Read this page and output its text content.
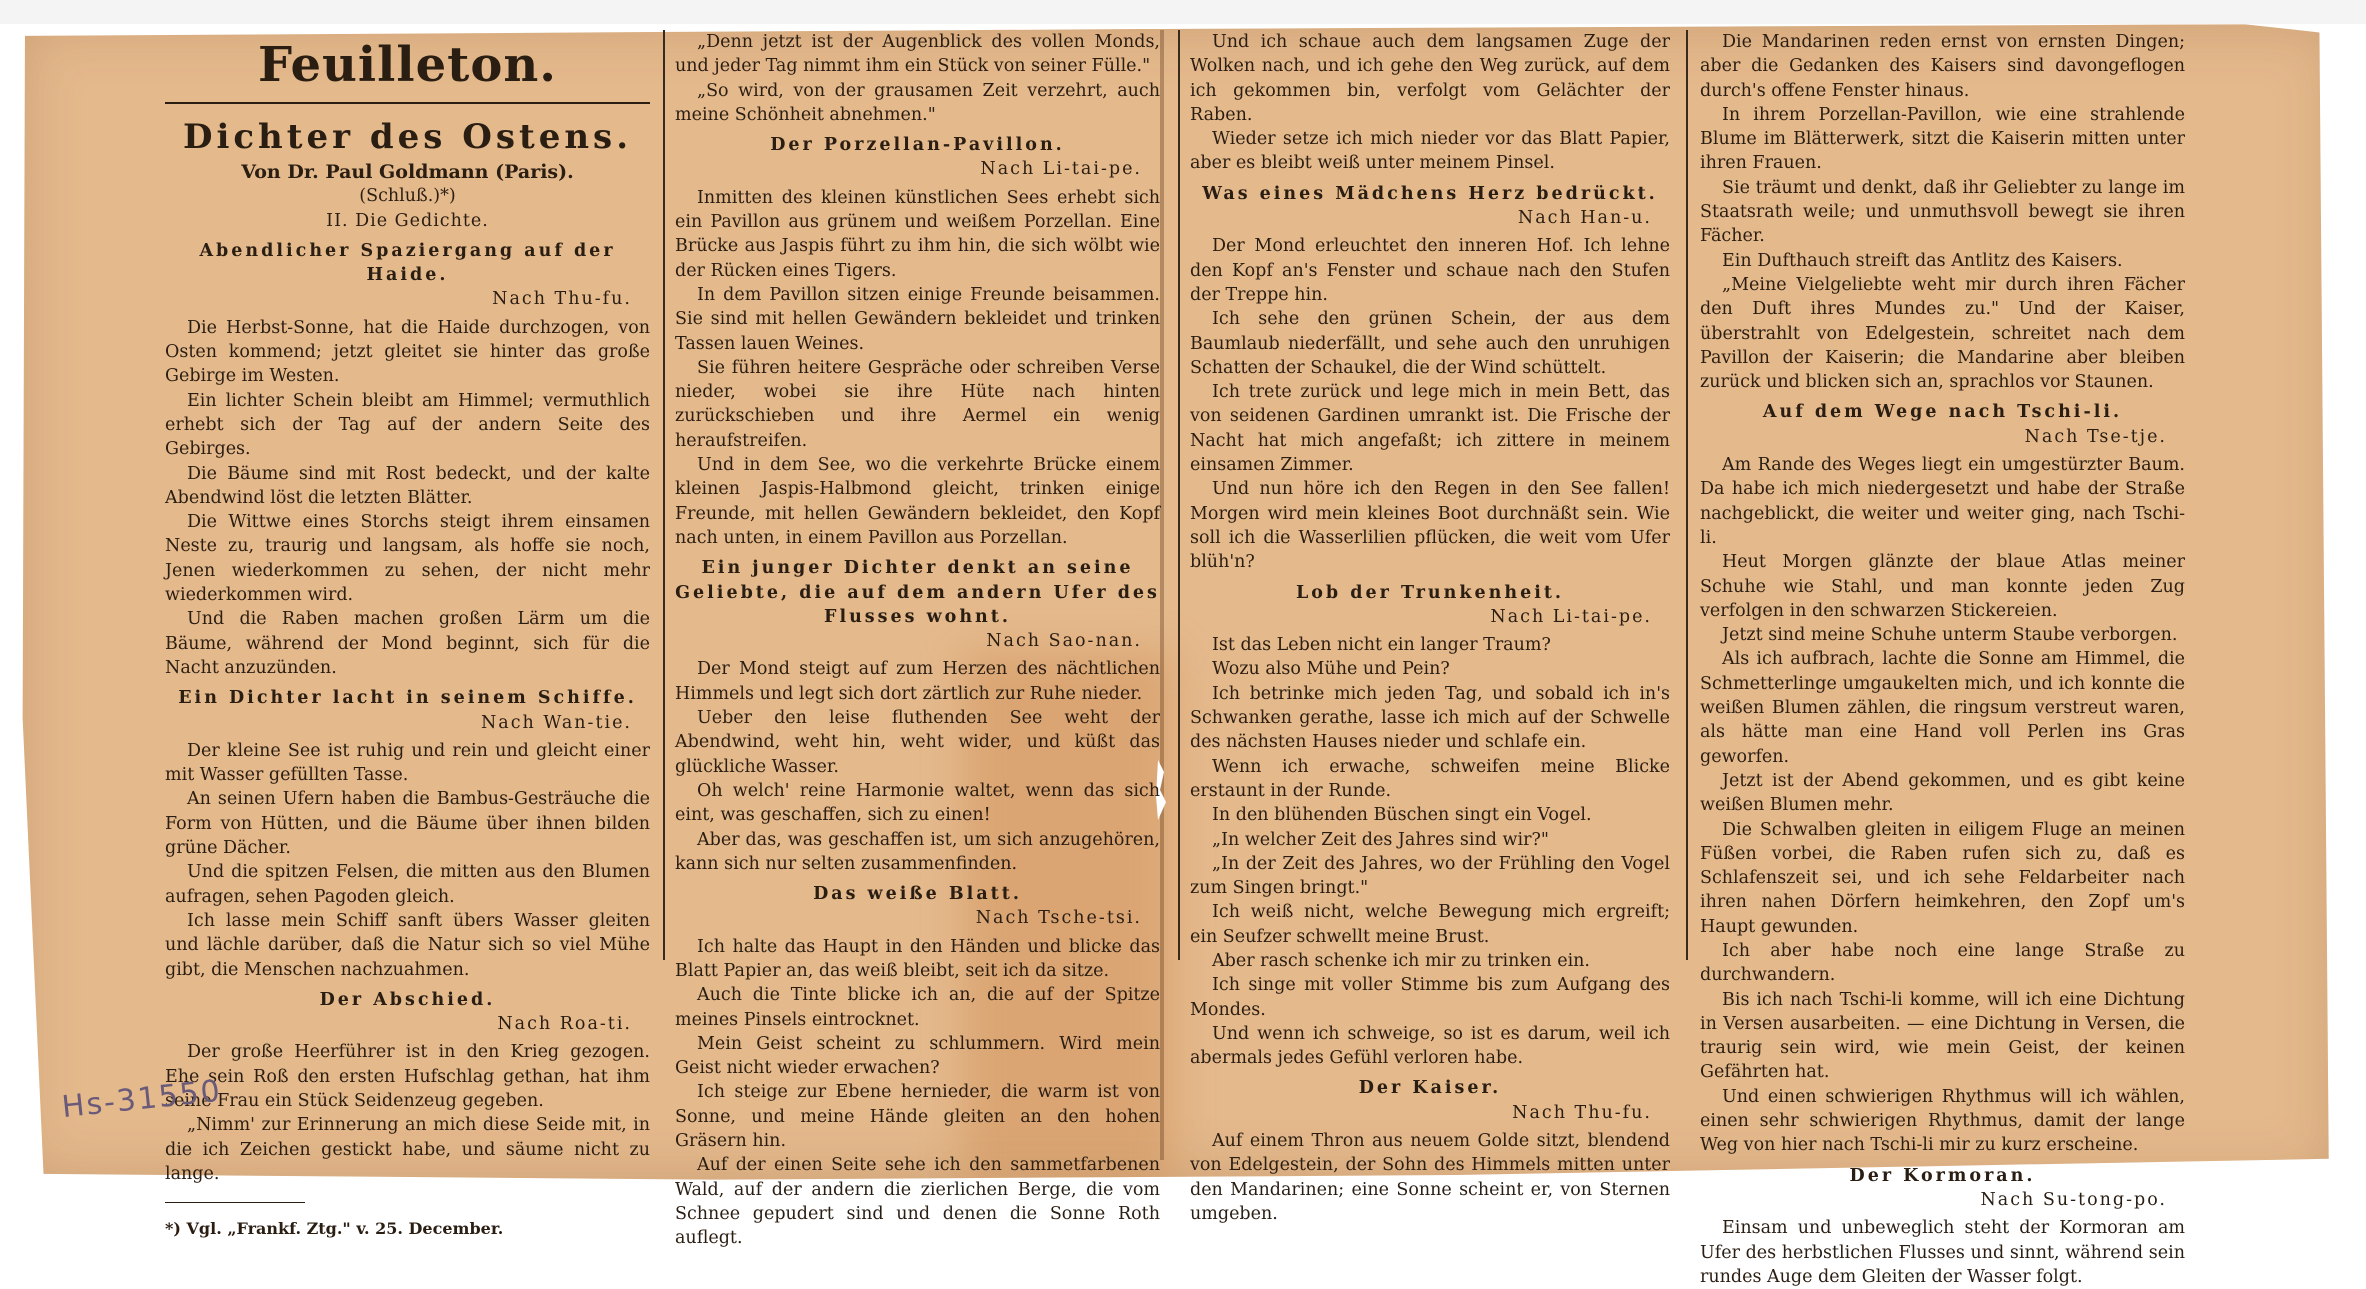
Feuilleton.
Dichter des Ostens.
Von Dr. Paul Goldmann (Paris).
(Schluß.)*)
II. Die Gedichte.
Abendlicher Spaziergang auf der Haide.
Nach Thu-fu.

Die Herbst-Sonne, hat die Haide durchzogen, von Osten kommend; jetzt gleitet sie hinter das große Gebirge im Westen.

Ein lichter Schein bleibt am Himmel; vermuthlich erhebt sich der Tag auf der andern Seite des Gebirges.

Die Bäume sind mit Rost bedeckt, und der kalte Abendwind löst die letzten Blätter.

Die Wittwe eines Storchs steigt ihrem einsamen Neste zu, traurig und langsam, als hoffe sie noch, Jenen wiederkommen zu sehen, der nicht mehr wiederkommen wird.

Und die Raben machen großen Lärm um die Bäume, während der Mond beginnt, sich für die Nacht anzuzünden.

Ein Dichter lacht in seinem Schiffe.
Nach Wan-tie.

Der kleine See ist ruhig und rein und gleicht einer mit Wasser gefüllten Tasse.

An seinen Ufern haben die Bambus-Gesträuche die Form von Hütten, und die Bäume über ihnen bilden grüne Dächer.

Und die spitzen Felsen, die mitten aus den Blumen aufragen, sehen Pagoden gleich.

Ich lasse mein Schiff sanft übers Wasser gleiten und lächle darüber, daß die Natur sich so viel Mühe gibt, die Menschen nachzuahmen.

Der Abschied.
Nach Roa-ti.

Der große Heerführer ist in den Krieg gezogen. Ehe sein Roß den ersten Hufschlag gethan, hat ihm seine Frau ein Stück Seidenzeug gegeben.

„Nimm' zur Erinnerung an mich diese Seide mit, in die ich Zeichen gestickt habe, und säume nicht zu lange.

*) Vgl. „Frankf. Ztg." v. 25. December.

„Denn jetzt ist der Augenblick des vollen Monds, und jeder Tag nimmt ihm ein Stück von seiner Fülle."

„So wird, von der grausamen Zeit verzehrt, auch meine Schönheit abnehmen."

Der Porzellan-Pavillon.
Nach Li-tai-pe.

Inmitten des kleinen künstlichen Sees erhebt sich ein Pavillon aus grünem und weißem Porzellan. Eine Brücke aus Jaspis führt zu ihm hin, die sich wölbt wie der Rücken eines Tigers.

In dem Pavillon sitzen einige Freunde beisammen. Sie sind mit hellen Gewändern bekleidet und trinken Tassen lauen Weines.

Sie führen heitere Gespräche oder schreiben Verse nieder, wobei sie ihre Hüte nach hinten zurückschieben und ihre Aermel ein wenig heraufstreifen.

Und in dem See, wo die verkehrte Brücke einem kleinen Jaspis-Halbmond gleicht, trinken einige Freunde, mit hellen Gewändern bekleidet, den Kopf nach unten, in einem Pavillon aus Porzellan.

Ein junger Dichter denkt an seine Geliebte, die auf dem andern Ufer des Flusses wohnt.
Nach Sao-nan.

Der Mond steigt auf zum Herzen des nächtlichen Himmels und legt sich dort zärtlich zur Ruhe nieder.

Ueber den leise fluthenden See weht der Abendwind, weht hin, weht wider, und küßt das glückliche Wasser.

Oh welch' reine Harmonie waltet, wenn das sich eint, was geschaffen, sich zu einen!

Aber das, was geschaffen ist, um sich anzugehören, kann sich nur selten zusammenfinden.

Das weiße Blatt.
Nach Tsche-tsi.

Ich halte das Haupt in den Händen und blicke das Blatt Papier an, das weiß bleibt, seit ich da sitze.

Auch die Tinte blicke ich an, die auf der Spitze meines Pinsels eintrocknet.

Mein Geist scheint zu schlummern. Wird mein Geist nicht wieder erwachen?

Ich steige zur Ebene hernieder, die warm ist von Sonne, und meine Hände gleiten an den hohen Gräsern hin.

Auf der einen Seite sehe ich den sammetfarbenen Wald, auf der andern die zierlichen Berge, die vom Schnee gepudert sind und denen die Sonne Roth auflegt.

Und ich schaue auch dem langsamen Zuge der Wolken nach, und ich gehe den Weg zurück, auf dem ich gekommen bin, verfolgt vom Gelächter der Raben.

Wieder setze ich mich nieder vor das Blatt Papier, aber es bleibt weiß unter meinem Pinsel.

Was eines Mädchens Herz bedrückt.
Nach Han-u.

Der Mond erleuchtet den inneren Hof. Ich lehne den Kopf an's Fenster und schaue nach den Stufen der Treppe hin.

Ich sehe den grünen Schein, der aus dem Baumlaub niederfällt, und sehe auch den unruhigen Schatten der Schaukel, die der Wind schüttelt.

Ich trete zurück und lege mich in mein Bett, das von seidenen Gardinen umrankt ist. Die Frische der Nacht hat mich angefaßt; ich zittere in meinem einsamen Zimmer.

Und nun höre ich den Regen in den See fallen! Morgen wird mein kleines Boot durchnäßt sein. Wie soll ich die Wasserlilien pflücken, die weit vom Ufer blüh'n?

Lob der Trunkenheit.
Nach Li-tai-pe.

Ist das Leben nicht ein langer Traum?

Wozu also Mühe und Pein?

Ich betrinke mich jeden Tag, und sobald ich in's Schwanken gerathe, lasse ich mich auf der Schwelle des nächsten Hauses nieder und schlafe ein.

Wenn ich erwache, schweifen meine Blicke erstaunt in der Runde.

In den blühenden Büschen singt ein Vogel.

„In welcher Zeit des Jahres sind wir?"

„In der Zeit des Jahres, wo der Frühling den Vogel zum Singen bringt."

Ich weiß nicht, welche Bewegung mich ergreift; ein Seufzer schwellt meine Brust.

Aber rasch schenke ich mir zu trinken ein.

Ich singe mit voller Stimme bis zum Aufgang des Mondes.

Und wenn ich schweige, so ist es darum, weil ich abermals jedes Gefühl verloren habe.

Der Kaiser.
Nach Thu-fu.

Auf einem Thron aus neuem Golde sitzt, blendend von Edelgestein, der Sohn des Himmels mitten unter den Mandarinen; eine Sonne scheint er, von Sternen umgeben.

Die Mandarinen reden ernst von ernsten Dingen; aber die Gedanken des Kaisers sind davongeflogen durch's offene Fenster hinaus.

In ihrem Porzellan-Pavillon, wie eine strahlende Blume im Blätterwerk, sitzt die Kaiserin mitten unter ihren Frauen.

Sie träumt und denkt, daß ihr Geliebter zu lange im Staatsrath weile; und unmuthsvoll bewegt sie ihren Fächer.

Ein Dufthauch streift das Antlitz des Kaisers.

„Meine Vielgeliebte weht mir durch ihren Fächer den Duft ihres Mundes zu." Und der Kaiser, überstrahlt von Edelgestein, schreitet nach dem Pavillon der Kaiserin; die Mandarine aber bleiben zurück und blicken sich an, sprachlos vor Staunen.

Auf dem Wege nach Tschi-li.
Nach Tse-tje.

Am Rande des Weges liegt ein umgestürzter Baum. Da habe ich mich niedergesetzt und habe der Straße nachgeblickt, die weiter und weiter ging, nach Tschi-li.

Heut Morgen glänzte der blaue Atlas meiner Schuhe wie Stahl, und man konnte jeden Zug verfolgen in den schwarzen Stickereien.

Jetzt sind meine Schuhe unterm Staube verborgen.

Als ich aufbrach, lachte die Sonne am Himmel, die Schmetterlinge umgaukelten mich, und ich konnte die weißen Blumen zählen, die ringsum verstreut waren, als hätte man eine Hand voll Perlen ins Gras geworfen.

Jetzt ist der Abend gekommen, und es gibt keine weißen Blumen mehr.

Die Schwalben gleiten in eiligem Fluge an meinen Füßen vorbei, die Raben rufen sich zu, daß es Schlafenszeit sei, und ich sehe Feldarbeiter nach ihren nahen Dörfern heimkehren, den Zopf um's Haupt gewunden.

Ich aber habe noch eine lange Straße zu durchwandern.

Bis ich nach Tschi-li komme, will ich eine Dichtung in Versen ausarbeiten. — eine Dichtung in Versen, die traurig sein wird, wie mein Geist, der keinen Gefährten hat.

Und einen schwierigen Rhythmus will ich wählen, einen sehr schwierigen Rhythmus, damit der lange Weg von hier nach Tschi-li mir zu kurz erscheine.

Der Kormoran.
Nach Su-tong-po.

Einsam und unbeweglich steht der Kormoran am Ufer des herbstlichen Flusses und sinnt, während sein rundes Auge dem Gleiten der Wasser folgt.

Hs-31550
